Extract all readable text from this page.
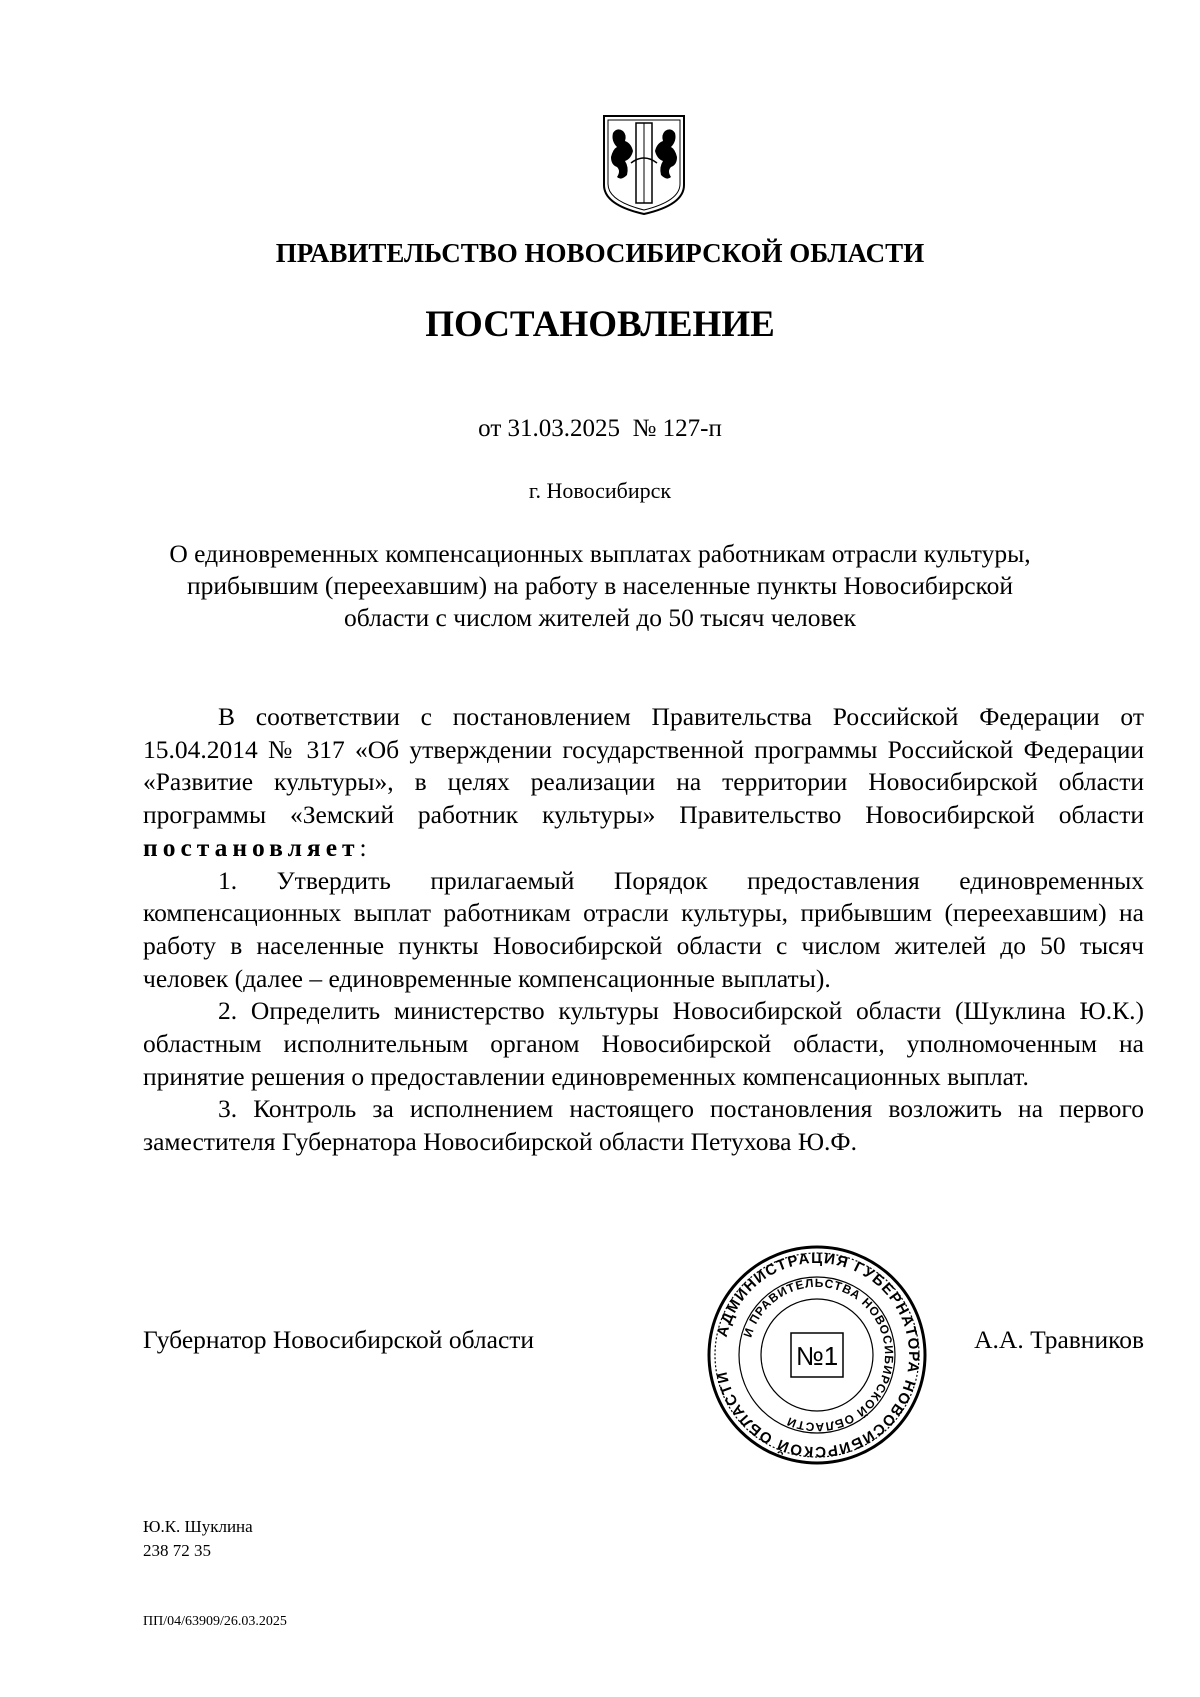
ПРАВИТЕЛЬСТВО НОВОСИБИРСКОЙ ОБЛАСТИ
ПОСТАНОВЛЕНИЕ
от 31.03.2025 № 127-п
г. Новосибирск
О единовременных компенсационных выплатах работникам отрасли культуры, прибывшим (переехавшим) на работу в населенные пункты Новосибирской области с числом жителей до 50 тысяч человек

В соответствии с постановлением Правительства Российской Федерации от 15.04.2014 № 317 «Об утверждении государственной программы Российской Федерации «Развитие культуры», в целях реализации на территории Новосибирской области программы «Земский работник культуры» Правительство Новосибирской области постановляет:

1. Утвердить прилагаемый Порядок предоставления единовременных компенсационных выплат работникам отрасли культуры, прибывшим (переехавшим) на работу в населенные пункты Новосибирской области с числом жителей до 50 тысяч человек (далее – единовременные компенсационные выплаты).

2. Определить министерство культуры Новосибирской области (Шуклина Ю.К.) областным исполнительным органом Новосибирской области, уполномоченным на принятие решения о предоставлении единовременных компенсационных выплат.

3. Контроль за исполнением настоящего постановления возложить на первого заместителя Губернатора Новосибирской области Петухова Ю.Ф.

Губернатор Новосибирской области	А.А. Травников
АДМИНИСТРАЦИЯ ГУБЕРНАТОРА НОВОСИБИРСКОЙ ОБЛАСТИ
И ПРАВИТЕЛЬСТВА НОВОСИБИРСКОЙ ОБЛАСТИ
№1
Ю.К. Шуклина
238 72 35
ПП/04/63909/26.03.2025
